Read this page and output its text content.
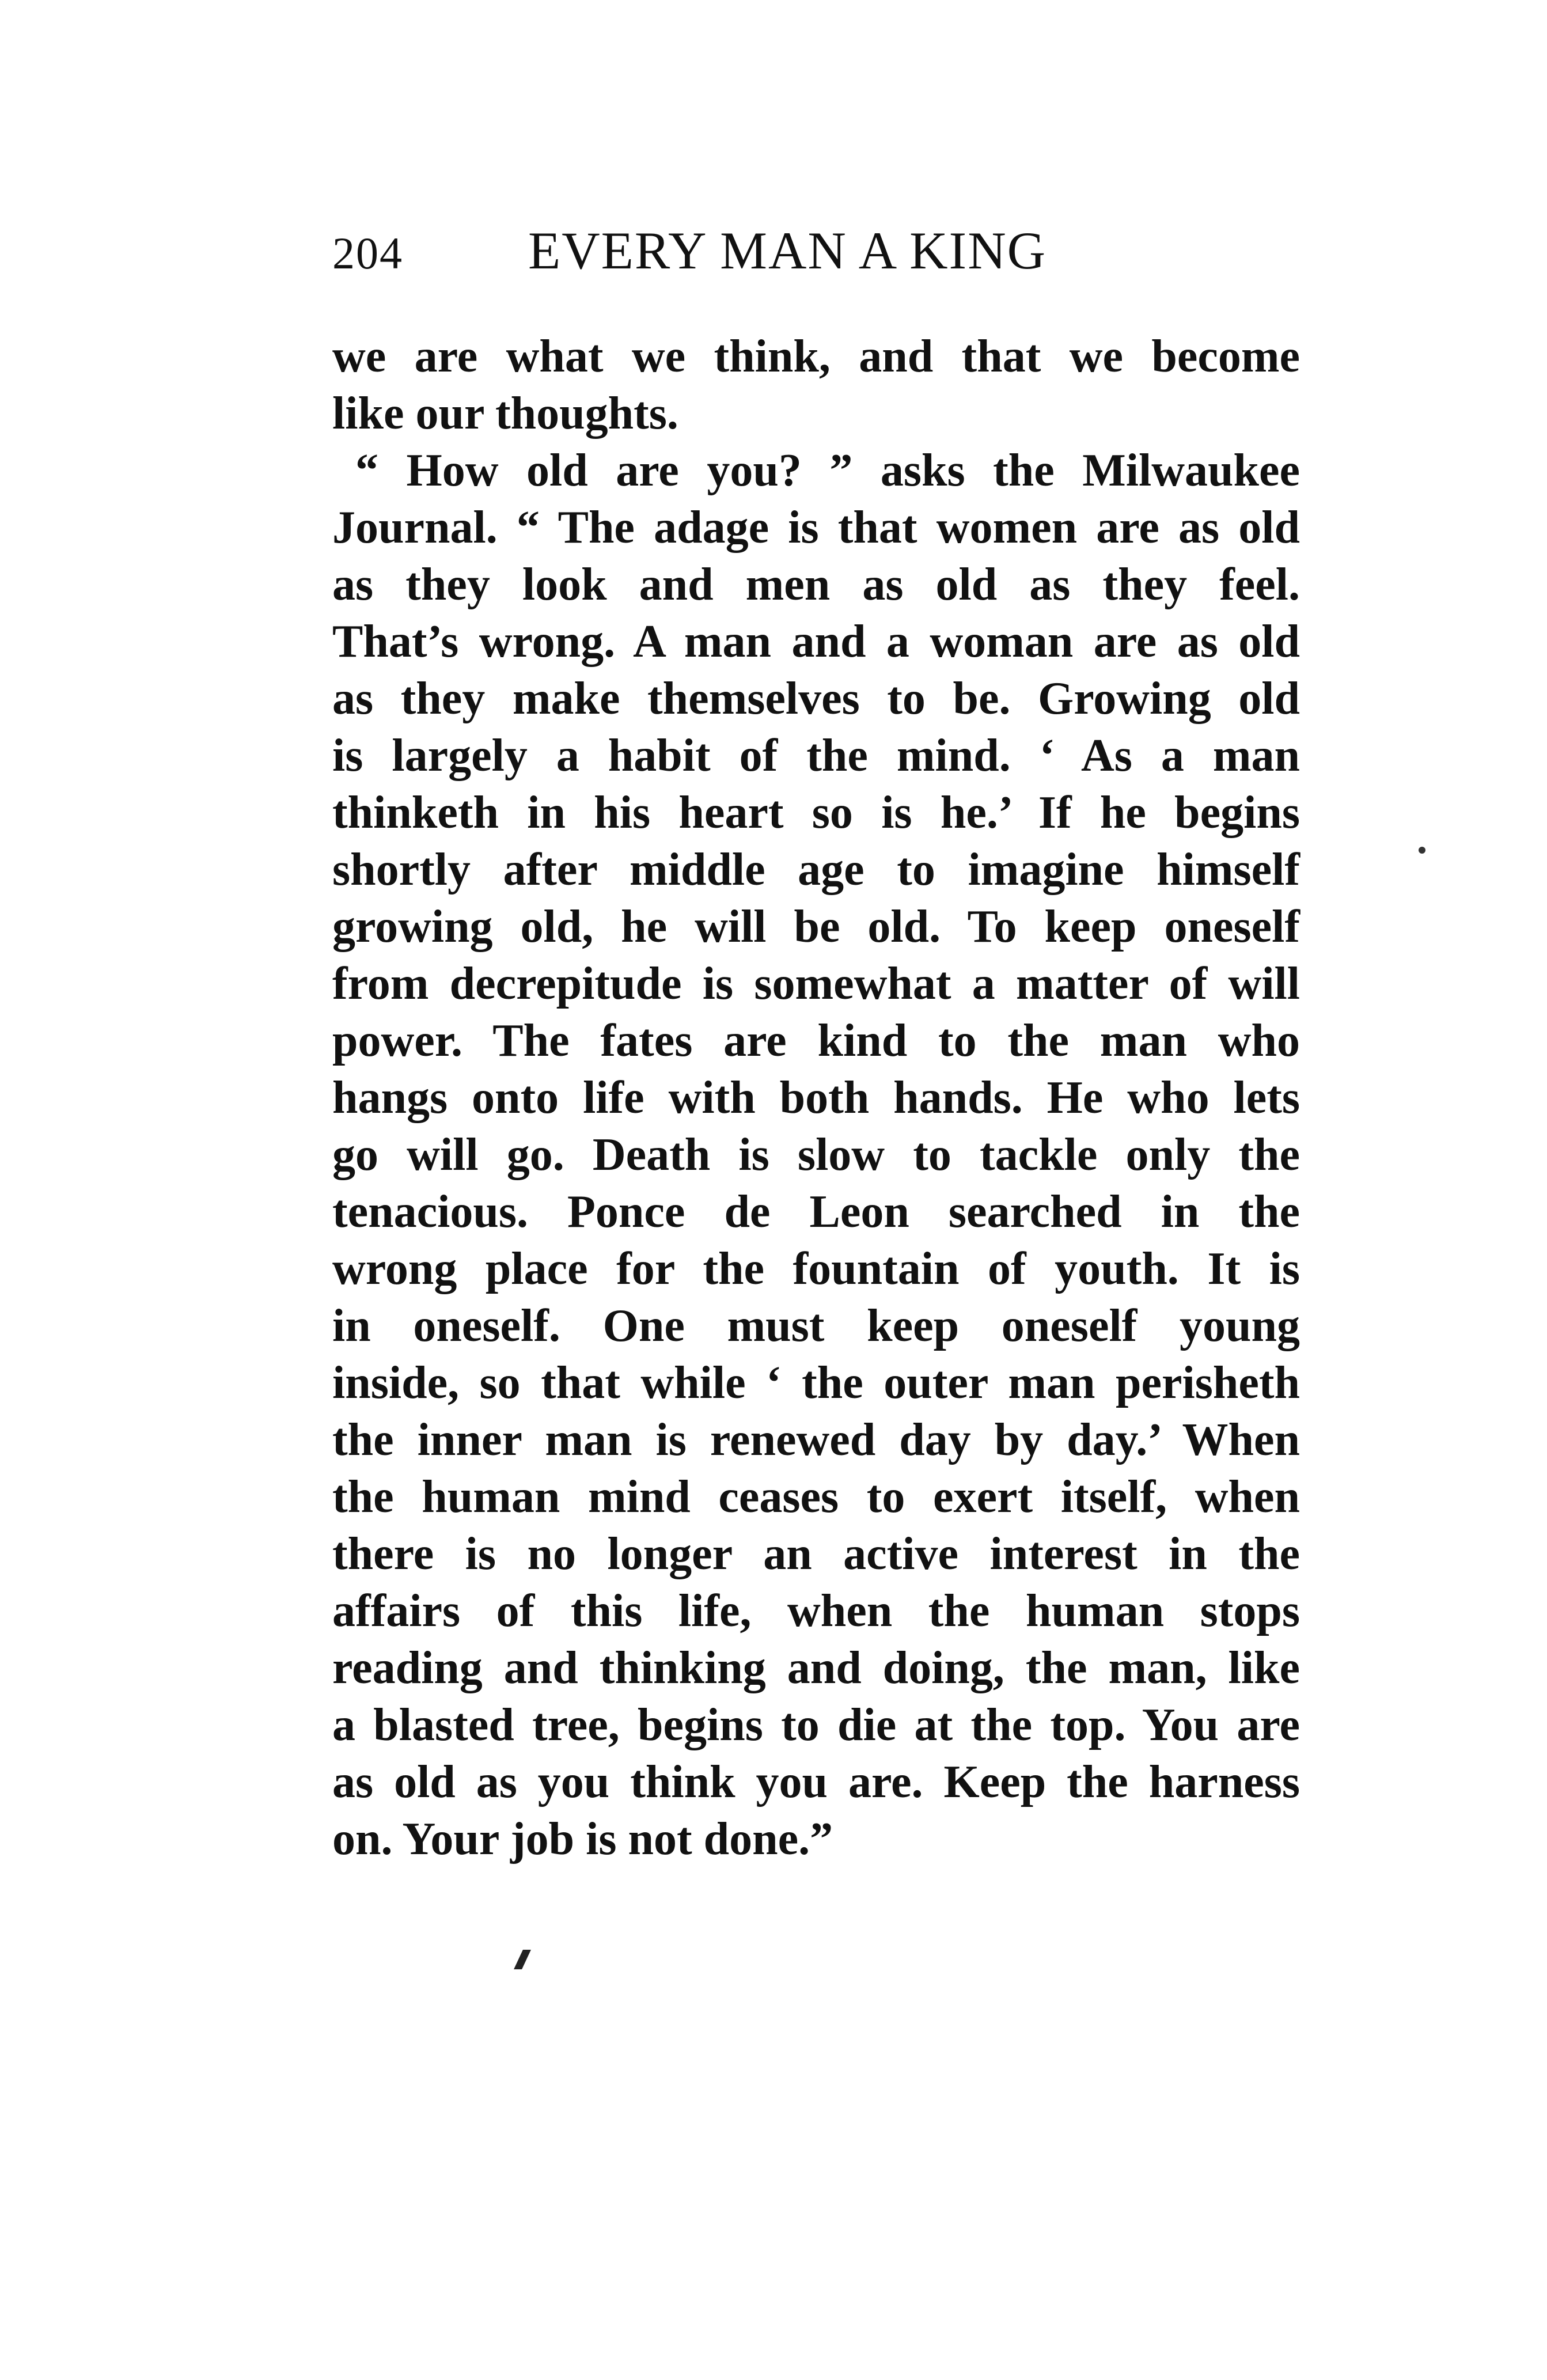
204 EVERY MAN A KING
we are what we think, and that we become
like our thoughts.
“ How old are you? ” asks the Milwaukee
Journal. “ The adage is that women are as old
as they look and men as old as they feel.
That’s wrong. A man and a woman are as old
as they make themselves to be. Growing old
is largely a habit of the mind. ‘ As a man
thinketh in his heart so is he.’ If he begins
shortly after middle age to imagine himself
growing old, he will be old. To keep oneself
from decrepitude is somewhat a matter of will
power. The fates are kind to the man who
hangs onto life with both hands. He who lets
go will go. Death is slow to tackle only the
tenacious. Ponce de Leon searched in the
wrong place for the fountain of youth. It is
in oneself. One must keep oneself young
inside, so that while ‘ the outer man perisheth
the inner man is renewed day by day.’ When
the human mind ceases to exert itself, when
there is no longer an active interest in the
affairs of this life, when the human stops
reading and thinking and doing, the man, like
a blasted tree, begins to die at the top. You are
as old as you think you are. Keep the harness
on. Your job is not done.”
